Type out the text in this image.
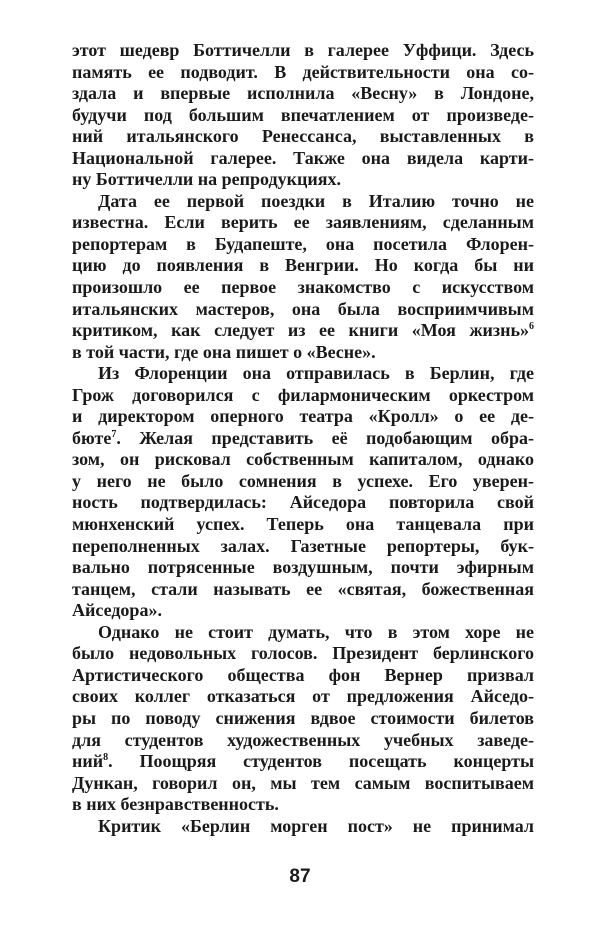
этот шедевр Боттичелли в галерее Уффици. Здесь
память ее подводит. В действительности она со-
здала и впервые исполнила «Весну» в Лондоне,
будучи под большим впечатлением от произведе-
ний итальянского Ренессанса, выставленных в
Национальной галерее. Также она видела карти-
ну Боттичелли на репродукциях.
Дата ее первой поездки в Италию точно не
известна. Если верить ее заявлениям, сделанным
репортерам в Будапеште, она посетила Флорен-
цию до появления в Венгрии. Но когда бы ни
произошло ее первое знакомство с искусством
итальянских мастеров, она была восприимчивым
критиком, как следует из ее книги «Моя жизнь»$^6$
в той части, где она пишет о «Весне».
Из Флоренции она отправилась в Берлин, где
Грож договорился с филармоническим оркестром
и директором оперного театра «Кролл» о ее де-
бюте$^7$. Желая представить её подобающим обра-
зом, он рисковал собственным капиталом, однако
у него не было сомнения в успехе. Его уверен-
ность подтвердилась: Айседора повторила свой
мюнхенский успех. Теперь она танцевала при
переполненных залах. Газетные репортеры, бук-
вально потрясенные воздушным, почти эфирным
танцем, стали называть ее «святая, божественная
Айседора».
Однако не стоит думать, что в этом хоре не
было недовольных голосов. Президент берлинского
Артистического общества фон Вернер призвал
своих коллег отказаться от предложения Айседо-
ры по поводу снижения вдвое стоимости билетов
для студентов художественных учебных заведе-
ний$^8$. Поощряя студентов посещать концерты
Дункан, говорил он, мы тем самым воспитываем
в них безнравственность.
Критик «Берлин морген пост» не принимал
87
